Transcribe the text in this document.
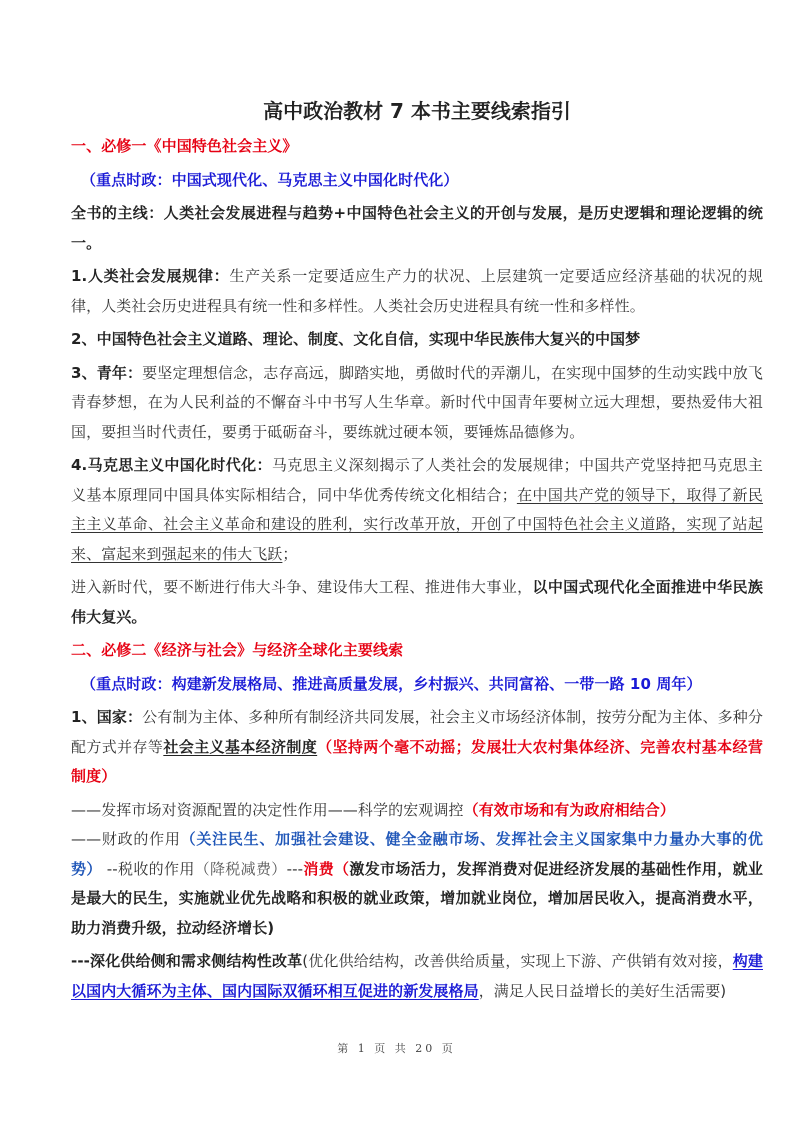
高中政治教材 7 本书主要线索指引

一、必修一《中国特色社会主义》

（重点时政：中国式现代化、马克思主义中国化时代化）

全书的主线：人类社会发展进程与趋势+中国特色社会主义的开创与发展，是历史逻辑和理论逻辑的统一。

1.人类社会发展规律：生产关系一定要适应生产力的状况、上层建筑一定要适应经济基础的状况的规律，人类社会历史进程具有统一性和多样性。人类社会历史进程具有统一性和多样性。

2、中国特色社会主义道路、理论、制度、文化自信，实现中华民族伟大复兴的中国梦

3、青年：要坚定理想信念，志存高远，脚踏实地，勇做时代的弄潮儿，在实现中国梦的生动实践中放飞青春梦想，在为人民利益的不懈奋斗中书写人生华章。新时代中国青年要树立远大理想，要热爱伟大祖国，要担当时代责任，要勇于砥砺奋斗，要练就过硬本领，要锤炼品德修为。

4.马克思主义中国化时代化：马克思主义深刻揭示了人类社会的发展规律；中国共产党坚持把马克思主义基本原理同中国具体实际相结合，同中华优秀传统文化相结合；在中国共产党的领导下，取得了新民主主义革命、社会主义革命和建设的胜利，实行改革开放，开创了中国特色社会主义道路，实现了站起来、富起来到强起来的伟大飞跃；

进入新时代，要不断进行伟大斗争、建设伟大工程、推进伟大事业，以中国式现代化全面推进中华民族伟大复兴。

二、必修二《经济与社会》与经济全球化主要线索

（重点时政：构建新发展格局、推进高质量发展，乡村振兴、共同富裕、一带一路 10 周年）

1、国家：公有制为主体、多种所有制经济共同发展，社会主义市场经济体制，按劳分配为主体、多种分配方式并存等社会主义基本经济制度（坚持两个毫不动摇；发展壮大农村集体经济、完善农村基本经营制度）

——发挥市场对资源配置的决定性作用——科学的宏观调控（有效市场和有为政府相结合）
——财政的作用（关注民生、加强社会建设、健全金融市场、发挥社会主义国家集中力量办大事的优势） --税收的作用（降税减费）---消费（激发市场活力，发挥消费对促进经济发展的基础性作用，就业是最大的民生，实施就业优先战略和积极的就业政策，增加就业岗位，增加居民收入，提高消费水平，助力消费升级，拉动经济增长)

---深化供给侧和需求侧结构性改革(优化供给结构，改善供给质量，实现上下游、产供销有效对接，构建以国内大循环为主体、国内国际双循环相互促进的新发展格局，满足人民日益增长的美好生活需要)

第 1 页 共 20 页
